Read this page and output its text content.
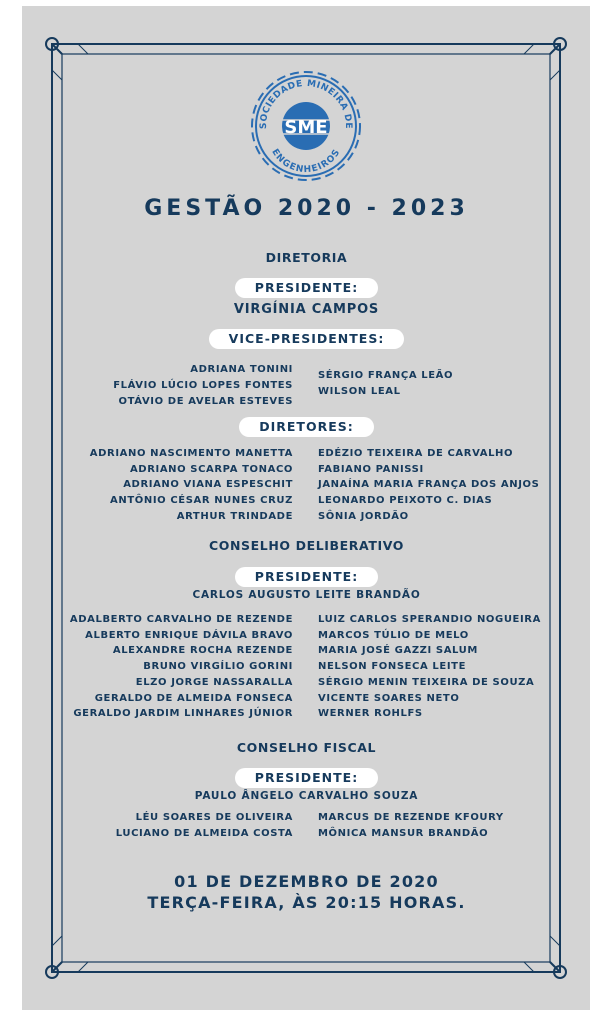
SOCIEDADE MINEIRA DE
ENGENHEIROS
SME
GESTÃO 2020 - 2023
DIRETORIA
PRESIDENTE:
VIRGÍNIA CAMPOS
VICE-PRESIDENTES:
ADRIANA TONINI
FLÁVIO LÚCIO LOPES FONTES
OTÁVIO DE AVELAR ESTEVES
SÉRGIO FRANÇA LEÃO
WILSON LEAL
DIRETORES:
ADRIANO NASCIMENTO MANETTA
ADRIANO SCARPA TONACO
ADRIANO VIANA ESPESCHIT
ANTÔNIO CÉSAR NUNES CRUZ
ARTHUR TRINDADE
EDÉZIO TEIXEIRA DE CARVALHO
FABIANO PANISSI
JANAÍNA MARIA FRANÇA DOS ANJOS
LEONARDO PEIXOTO C. DIAS
SÔNIA JORDÃO
CONSELHO DELIBERATIVO
PRESIDENTE:
CARLOS AUGUSTO LEITE BRANDÃO
ADALBERTO CARVALHO DE REZENDE
ALBERTO ENRIQUE DÁVILA BRAVO
ALEXANDRE ROCHA REZENDE
BRUNO VIRGÍLIO GORINI
ELZO JORGE NASSARALLA
GERALDO DE ALMEIDA FONSECA
GERALDO JARDIM LINHARES JÚNIOR
LUIZ CARLOS SPERANDIO NOGUEIRA
MARCOS TÚLIO DE MELO
MARIA JOSÉ GAZZI SALUM
NELSON FONSECA LEITE
SÉRGIO MENIN TEIXEIRA DE SOUZA
VICENTE SOARES NETO
WERNER ROHLFS
CONSELHO FISCAL
PRESIDENTE:
PAULO ÂNGELO CARVALHO SOUZA
LÉU SOARES DE OLIVEIRA
LUCIANO DE ALMEIDA COSTA
MARCUS DE REZENDE KFOURY
MÔNICA MANSUR BRANDÃO
01 DE DEZEMBRO DE 2020
TERÇA-FEIRA, ÀS 20:15 HORAS.
